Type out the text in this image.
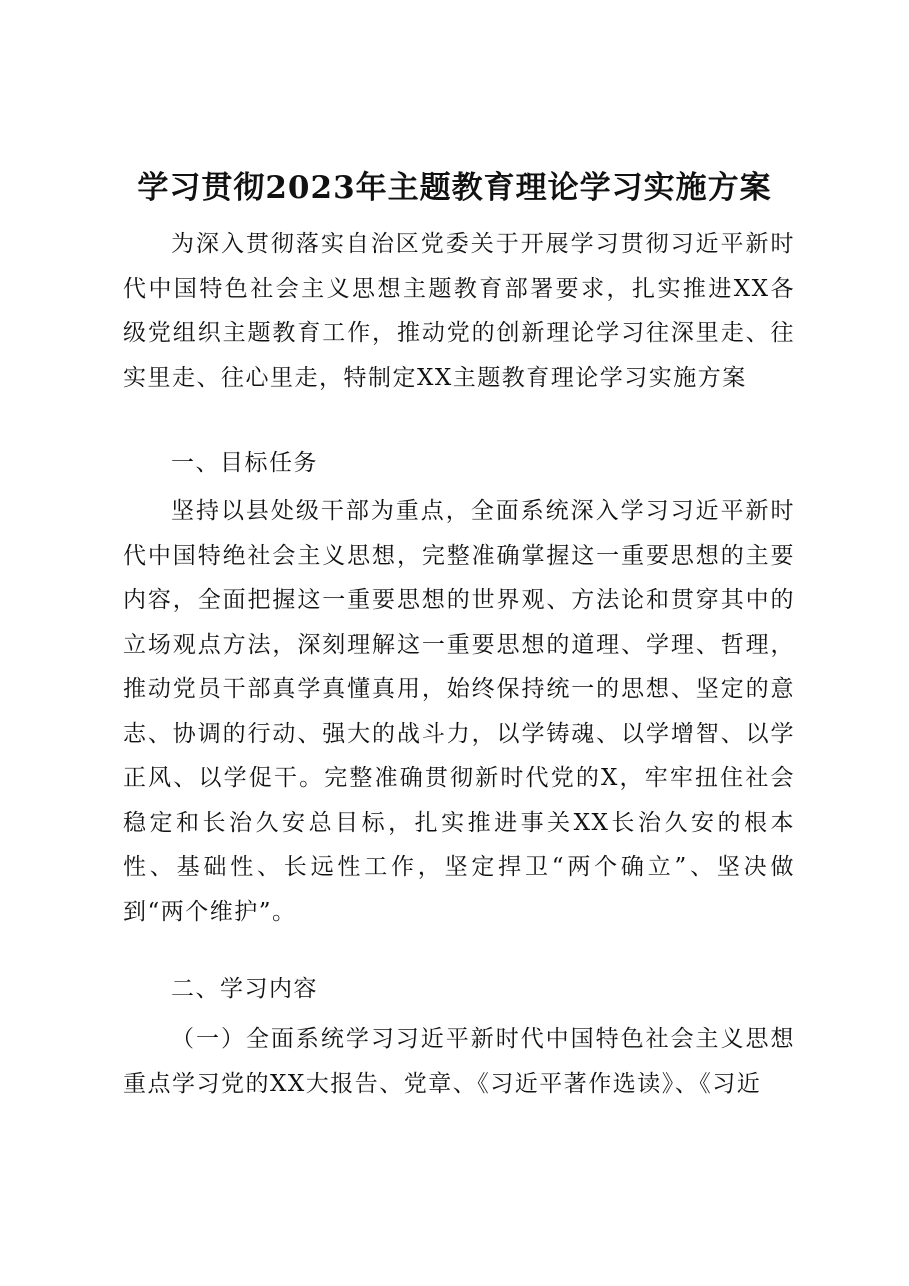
学习贯彻2023年主题教育理论学习实施方案

为深入贯彻落实自治区党委关于开展学习贯彻习近平新时代中国特色社会主义思想主题教育部署要求，扎实推进XX各级党组织主题教育工作，推动党的创新理论学习往深里走、往实里走、往心里走，特制定XX主题教育理论学习实施方案

一、目标任务

坚持以县处级干部为重点，全面系统深入学习习近平新时代中国特绝社会主义思想，完整准确掌握这一重要思想的主要内容，全面把握这一重要思想的世界观、方法论和贯穿其中的立场观点方法，深刻理解这一重要思想的道理、学理、哲理，推动党员干部真学真懂真用，始终保持统一的思想、坚定的意志、协调的行动、强大的战斗力，以学铸魂、以学增智、以学正风、以学促干。完整准确贯彻新时代党的X，牢牢扭住社会稳定和长治久安总目标，扎实推进事关XX长治久安的根本性、基础性、长远性工作，坚定捍卫“两个确立”、坚决做到“两个维护”。

二、学习内容

（一）全面系统学习习近平新时代中国特色社会主义思想重点学习党的XX大报告、党章、《习近平著作选读》、《习近
